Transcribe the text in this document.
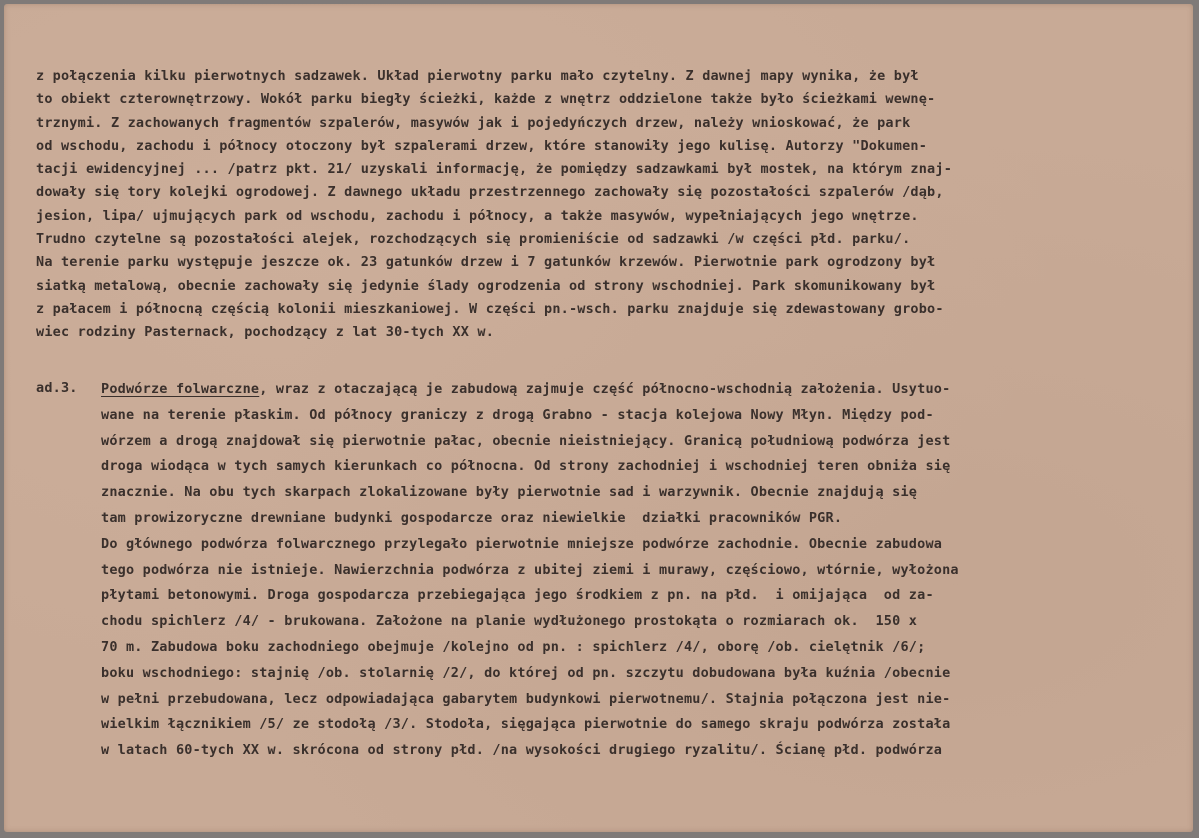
z połączenia kilku pierwotnych sadzawek. Układ pierwotny parku mało czytelny. Z dawnej mapy wynika, że był
to obiekt czterownętrzowy. Wokół parku biegły ścieżki, każde z wnętrz oddzielone także było ścieżkami wewnę-
trznymi. Z zachowanych fragmentów szpalerów, masywów jak i pojedyńczych drzew, należy wnioskować, że park
od wschodu, zachodu i północy otoczony był szpalerami drzew, które stanowiły jego kulisę. Autorzy "Dokumen-
tacji ewidencyjnej ... /patrz pkt. 21/ uzyskali informację, że pomiędzy sadzawkami był mostek, na którym znaj-
dowały się tory kolejki ogrodowej. Z dawnego układu przestrzennego zachowały się pozostałości szpalerów /dąb,
jesion, lipa/ ujmujących park od wschodu, zachodu i północy, a także masywów, wypełniających jego wnętrze.
Trudno czytelne są pozostałości alejek, rozchodzących się promieniście od sadzawki /w części płd. parku/.
Na terenie parku występuje jeszcze ok. 23 gatunków drzew i 7 gatunków krzewów. Pierwotnie park ogrodzony był
siatką metalową, obecnie zachowały się jedynie ślady ogrodzenia od strony wschodniej. Park skomunikowany był
z pałacem i północną częścią kolonii mieszkaniowej. W części pn.-wsch. parku znajduje się zdewastowany grobo-
wiec rodziny Pasternack, pochodzący z lat 30-tych XX w.
ad.3. Podwórze folwarczne, wraz z otaczającą je zabudową zajmuje część północno-wschodnią założenia. Usytuo-
wane na terenie płaskim. Od północy graniczy z drogą Grabno - stacja kolejowa Nowy Młyn. Między pod-
wórzem a drogą znajdował się pierwotnie pałac, obecnie nieistniejący. Granicą południową podwórza jest
droga wiodąca w tych samych kierunkach co północna. Od strony zachodniej i wschodniej teren obniża się
znacznie. Na obu tych skarpach zlokalizowane były pierwotnie sad i warzywnik. Obecnie znajdują się
tam prowizoryczne drewniane budynki gospodarcze oraz niewielkie  działki pracowników PGR.
Do głównego podwórza folwarcznego przylegało pierwotnie mniejsze podwórze zachodnie. Obecnie zabudowa
tego podwórza nie istnieje. Nawierzchnia podwórza z ubitej ziemi i murawy, częściowo, wtórnie, wyłożona
płytami betonowymi. Droga gospodarcza przebiegająca jego środkiem z pn. na płd.  i omijająca  od za-
chodu spichlerz /4/ - brukowana. Założone na planie wydłużonego prostokąta o rozmiarach ok.  150 x
70 m. Zabudowa boku zachodniego obejmuje /kolejno od pn. : spichlerz /4/, oborę /ob. cielętnik /6/;
boku wschodniego: stajnię /ob. stolarnię /2/, do której od pn. szczytu dobudowana była kuźnia /obecnie
w pełni przebudowana, lecz odpowiadająca gabarytem budynkowi pierwotnemu/. Stajnia połączona jest nie-
wielkim łącznikiem /5/ ze stodołą /3/. Stodoła, sięgająca pierwotnie do samego skraju podwórza została
w latach 60-tych XX w. skrócona od strony płd. /na wysokości drugiego ryzalitu/. Ścianę płd. podwórza
